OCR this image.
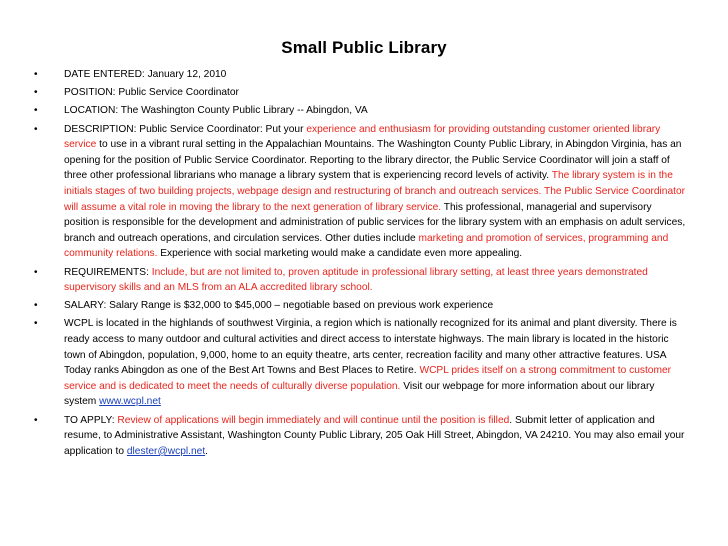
Small Public Library
• DATE ENTERED: January 12, 2010
• POSITION: Public Service Coordinator
• LOCATION: The Washington County Public Library -- Abingdon, VA
• DESCRIPTION: Public Service Coordinator: Put your experience and enthusiasm for providing outstanding customer oriented library service to use in a vibrant rural setting in the Appalachian Mountains. The Washington County Public Library, in Abingdon Virginia, has an opening for the position of Public Service Coordinator. Reporting to the library director, the Public Service Coordinator will join a staff of three other professional librarians who manage a library system that is experiencing record levels of activity. The library system is in the initials stages of two building projects, webpage design and restructuring of branch and outreach services. The Public Service Coordinator will assume a vital role in moving the library to the next generation of library service. This professional, managerial and supervisory position is responsible for the development and administration of public services for the library system with an emphasis on adult services, branch and outreach operations, and circulation services. Other duties include marketing and promotion of services, programming and community relations. Experience with social marketing would make a candidate even more appealing.
• REQUIREMENTS: Include, but are not limited to, proven aptitude in professional library setting, at least three years demonstrated supervisory skills and an MLS from an ALA accredited library school.
• SALARY: Salary Range is $32,000 to $45,000 – negotiable based on previous work experience
• WCPL is located in the highlands of southwest Virginia, a region which is nationally recognized for its animal and plant diversity. There is ready access to many outdoor and cultural activities and direct access to interstate highways. The main library is located in the historic town of Abingdon, population, 9,000, home to an equity theatre, arts center, recreation facility and many other attractive features. USA Today ranks Abingdon as one of the Best Art Towns and Best Places to Retire. WCPL prides itself on a strong commitment to customer service and is dedicated to meet the needs of culturally diverse population. Visit our webpage for more information about our library system www.wcpl.net
• TO APPLY: Review of applications will begin immediately and will continue until the position is filled. Submit letter of application and resume, to Administrative Assistant, Washington County Public Library, 205 Oak Hill Street, Abingdon, VA 24210. You may also email your application to dlester@wcpl.net.
